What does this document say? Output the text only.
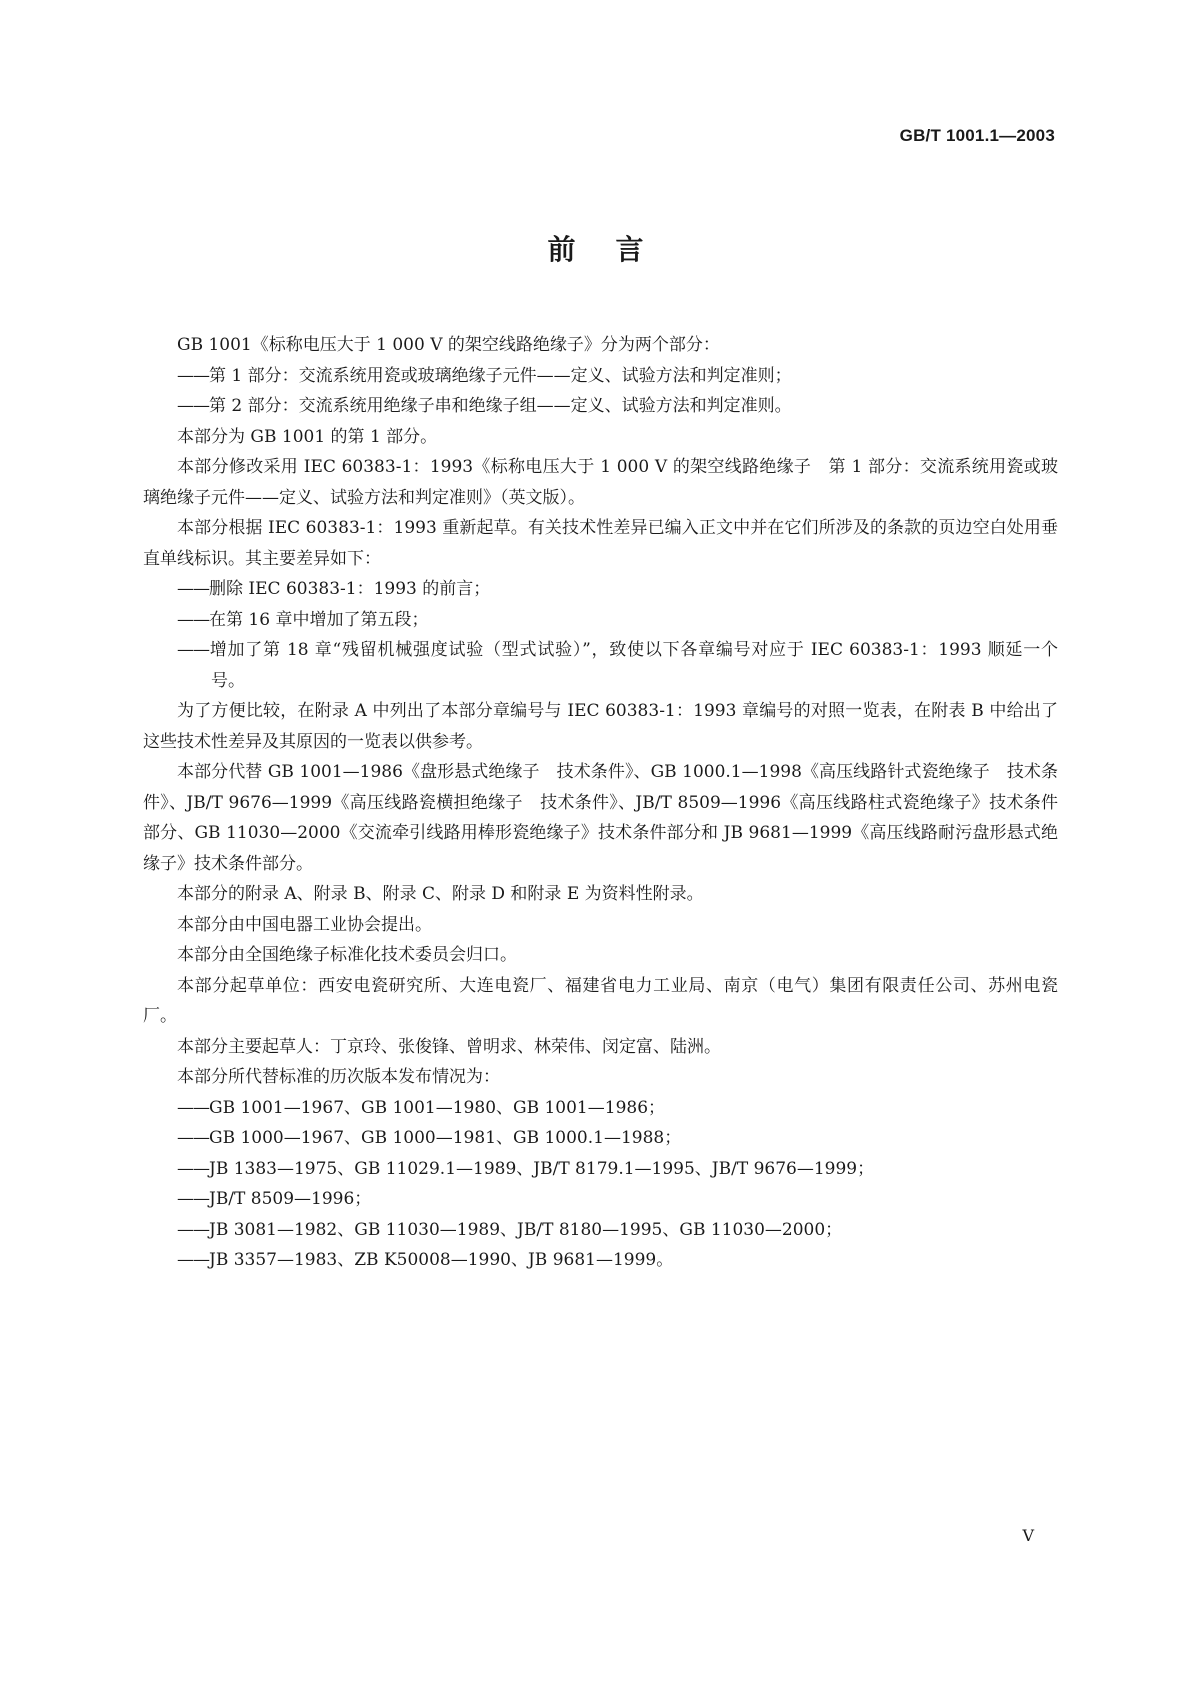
GB/T 1001.1—2003
前言

GB 1001《标称电压大于 1 000 V 的架空线路绝缘子》分为两个部分：

——第 1 部分：交流系统用瓷或玻璃绝缘子元件——定义、试验方法和判定准则；

——第 2 部分：交流系统用绝缘子串和绝缘子组——定义、试验方法和判定准则。

本部分为 GB 1001 的第 1 部分。

本部分修改采用 IEC 60383-1：1993《标称电压大于 1 000 V 的架空线路绝缘子　第 1 部分：交流系统用瓷或玻璃绝缘子元件——定义、试验方法和判定准则》（英文版）。

本部分根据 IEC 60383-1：1993 重新起草。有关技术性差异已编入正文中并在它们所涉及的条款的页边空白处用垂直单线标识。其主要差异如下：

——删除 IEC 60383-1：1993 的前言；

——在第 16 章中增加了第五段；

——增加了第 18 章“残留机械强度试验（型式试验）”，致使以下各章编号对应于 IEC 60383-1：1993 顺延一个号。

为了方便比较，在附录 A 中列出了本部分章编号与 IEC 60383-1：1993 章编号的对照一览表，在附表 B 中给出了这些技术性差异及其原因的一览表以供参考。

本部分代替 GB 1001—1986《盘形悬式绝缘子　技术条件》、GB 1000.1—1998《高压线路针式瓷绝缘子　技术条件》、JB/T 9676—1999《高压线路瓷横担绝缘子　技术条件》、JB/T 8509—1996《高压线路柱式瓷绝缘子》技术条件部分、GB 11030—2000《交流牵引线路用棒形瓷绝缘子》技术条件部分和 JB 9681—1999《高压线路耐污盘形悬式绝缘子》技术条件部分。

本部分的附录 A、附录 B、附录 C、附录 D 和附录 E 为资料性附录。

本部分由中国电器工业协会提出。

本部分由全国绝缘子标准化技术委员会归口。

本部分起草单位：西安电瓷研究所、大连电瓷厂、福建省电力工业局、南京（电气）集团有限责任公司、苏州电瓷厂。

本部分主要起草人：丁京玲、张俊锋、曾明求、林荣伟、闵定富、陆洲。

本部分所代替标准的历次版本发布情况为：

——GB 1001—1967、GB 1001—1980、GB 1001—1986；

——GB 1000—1967、GB 1000—1981、GB 1000.1—1988；

——JB 1383—1975、GB 11029.1—1989、JB/T 8179.1—1995、JB/T 9676—1999；

——JB/T 8509—1996；

——JB 3081—1982、GB 11030—1989、JB/T 8180—1995、GB 11030—2000；

——JB 3357—1983、ZB K50008—1990、JB 9681—1999。

V
